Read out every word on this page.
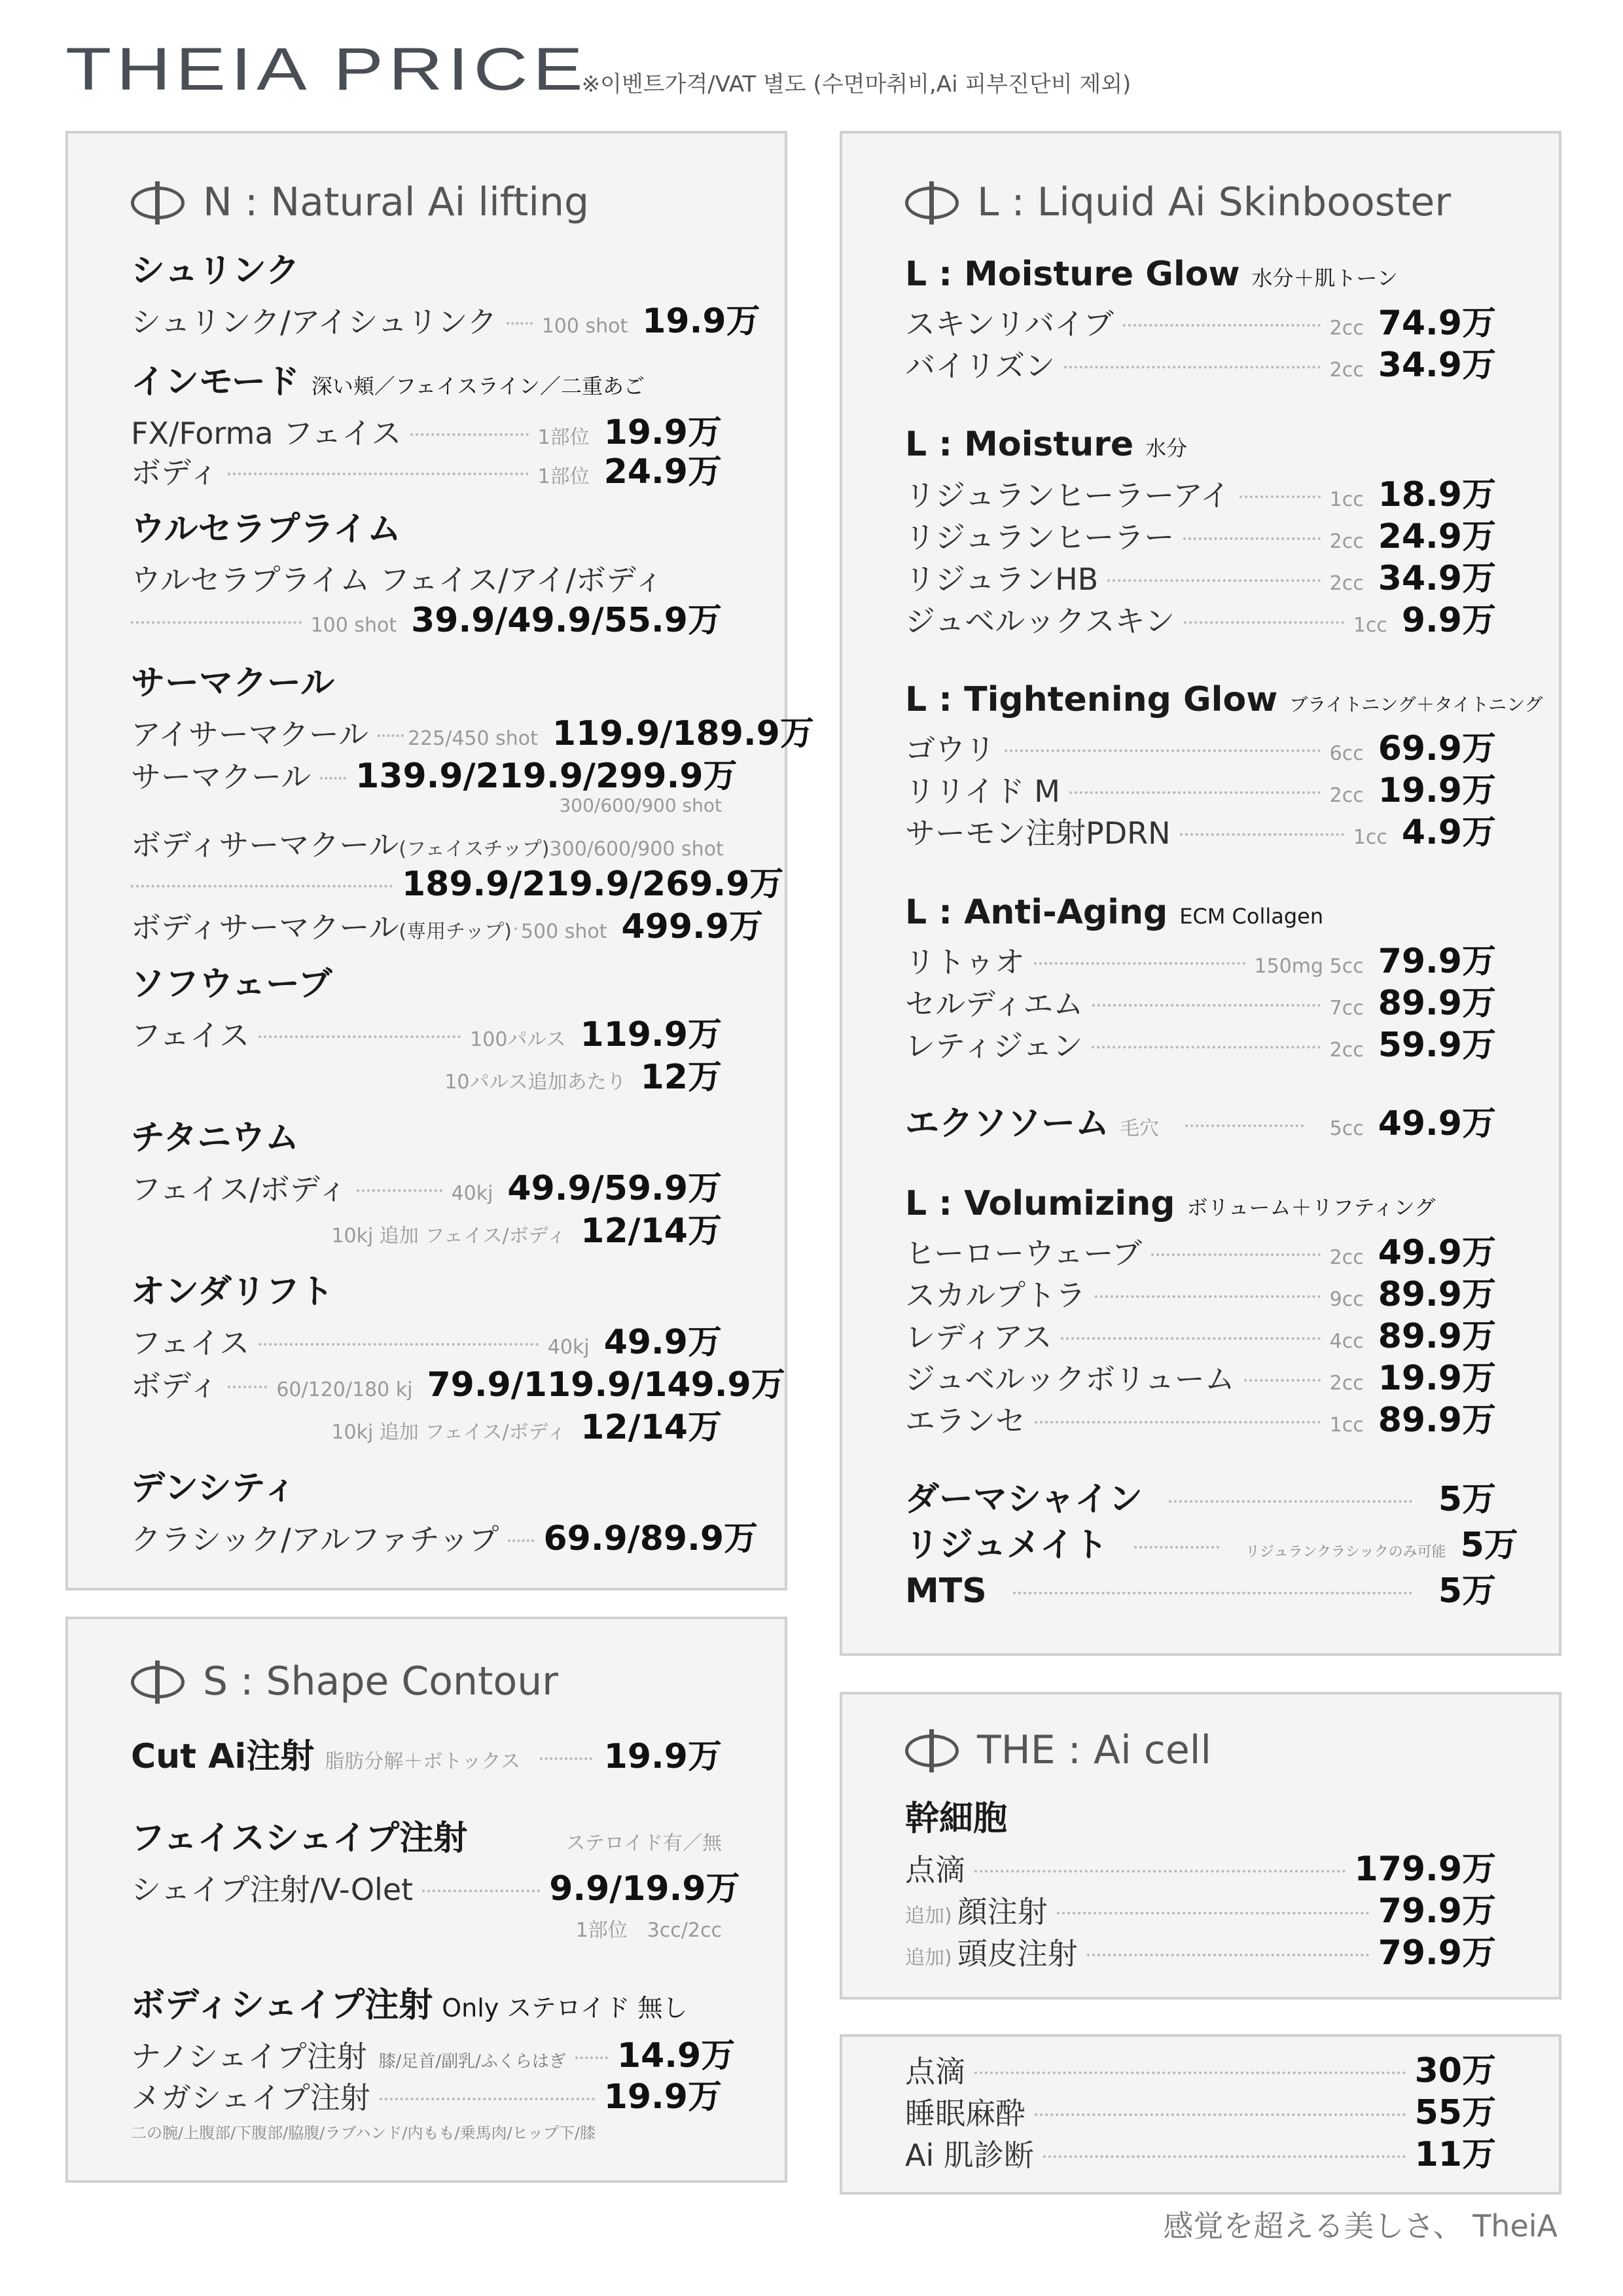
THEIA PRICE
※이벤트가격/VAT 별도 (수면마취비,Ai 피부진단비 제외)
N : Natural Ai lifting
シュリンク
シュリンク/アイシュリンク 100 shot 19.9万
インモード 深い頬／フェイスライン／二重あご
FX/Forma フェイス	1部位 19.9万
ボディ	1部位 24.9万
ウルセラプライム
ウルセラプライム フェイス/アイ/ボディ
100 shot 39.9/49.9/55.9万
サーマクール
アイサーマクール 225/450 shot 119.9/189.9万
サーマクール 139.9/219.9/299.9万
300/600/900 shot
ボディサーマクール(フェイスチップ) 300/600/900 shot
189.9/219.9/269.9万
ボディサーマクール(専用チップ) 500 shot 499.9万
ソフウェーブ
フェイス	100パルス 119.9万
10パルス追加あたり 12万
チタニウム
フェイス/ボディ	40kj 49.9/59.9万
10kj 追加 フェイス/ボディ 12/14万
オンダリフト
フェイス	40kj 49.9万
ボディ	60/120/180 kj 79.9/119.9/149.9万
10kj 追加 フェイス/ボディ 12/14万
デンシティ
クラシック/アルファチップ 69.9/89.9万
S : Shape Contour
Cut Ai注射 脂肪分解＋ボトックス 19.9万
フェイスシェイプ注射	ステロイド有／無
シェイプ注射/V-Olet	9.9/19.9万
1部位　3cc/2cc
ボディシェイプ注射 Only ステロイド 無し
ナノシェイプ注射 膝/足首/副乳/ふくらはぎ 14.9万
メガシェイプ注射	19.9万
二の腕/上腹部/下腹部/脇腹/ラブハンド/内もも/乗馬肉/ヒップ下/膝
L : Liquid Ai Skinbooster
L : Moisture Glow 水分＋肌トーン
スキンリバイブ	2cc 74.9万
バイリズン	2cc 34.9万
L : Moisture 水分
リジュランヒーラーアイ	1cc 18.9万
リジュランヒーラー	2cc 24.9万
リジュランHB	2cc 34.9万
ジュベルックスキン	1cc 9.9万
L : Tightening Glow ブライトニング＋タイトニング
ゴウリ	6cc 69.9万
リリイド M	2cc 19.9万
サーモン注射PDRN	1cc 4.9万
L : Anti-Aging ECM Collagen
リトゥオ	150mg 5cc 79.9万
セルディエム	7cc 89.9万
レティジェン	2cc 59.9万
エクソソーム 毛穴	5cc 49.9万
L : Volumizing ボリューム＋リフティング
ヒーローウェーブ	2cc 49.9万
スカルプトラ	9cc 89.9万
レディアス	4cc 89.9万
ジュベルックボリューム	2cc 19.9万
エランセ	1cc 89.9万
ダーマシャイン	5万
リジュメイト	リジュランクラシックのみ可能 5万
MTS	5万
THE : Ai cell
幹細胞
点滴	179.9万
追加) 顔注射	79.9万
追加) 頭皮注射	79.9万
点滴	30万
睡眠麻酔	55万
Ai 肌診断	11万
感覚を超える美しさ、 TheiA
